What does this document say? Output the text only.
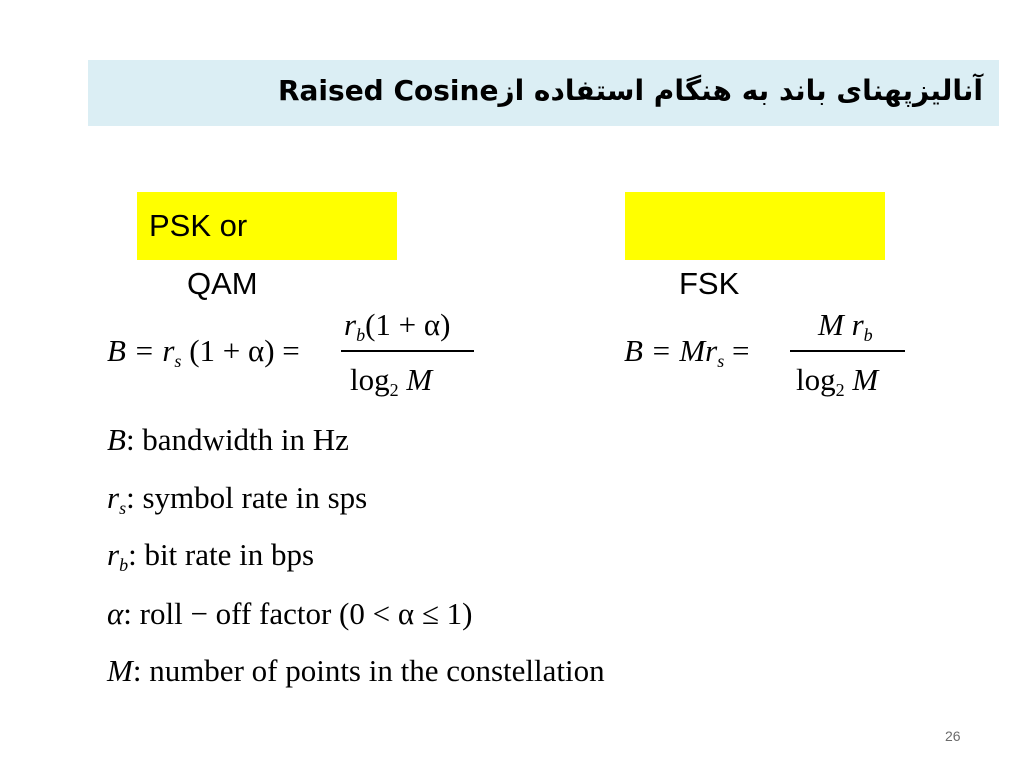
آنالیزپهنای باند به هنگام استفاده ازRaised Cosine
PSK or
QAM	FSK
$B = r_s$ (1 + α) =
$r_b(1 + \alpha)$
$\log_2 M$
$B = Mr_s$ =
M $r_b$
$\log_2 M$
B: bandwidth in Hz
$r_s$: symbol rate in sps
$r_b$: bit rate in bps
α: roll − off factor (0 < α ≤ 1)
M: number of points in the constellation
26
